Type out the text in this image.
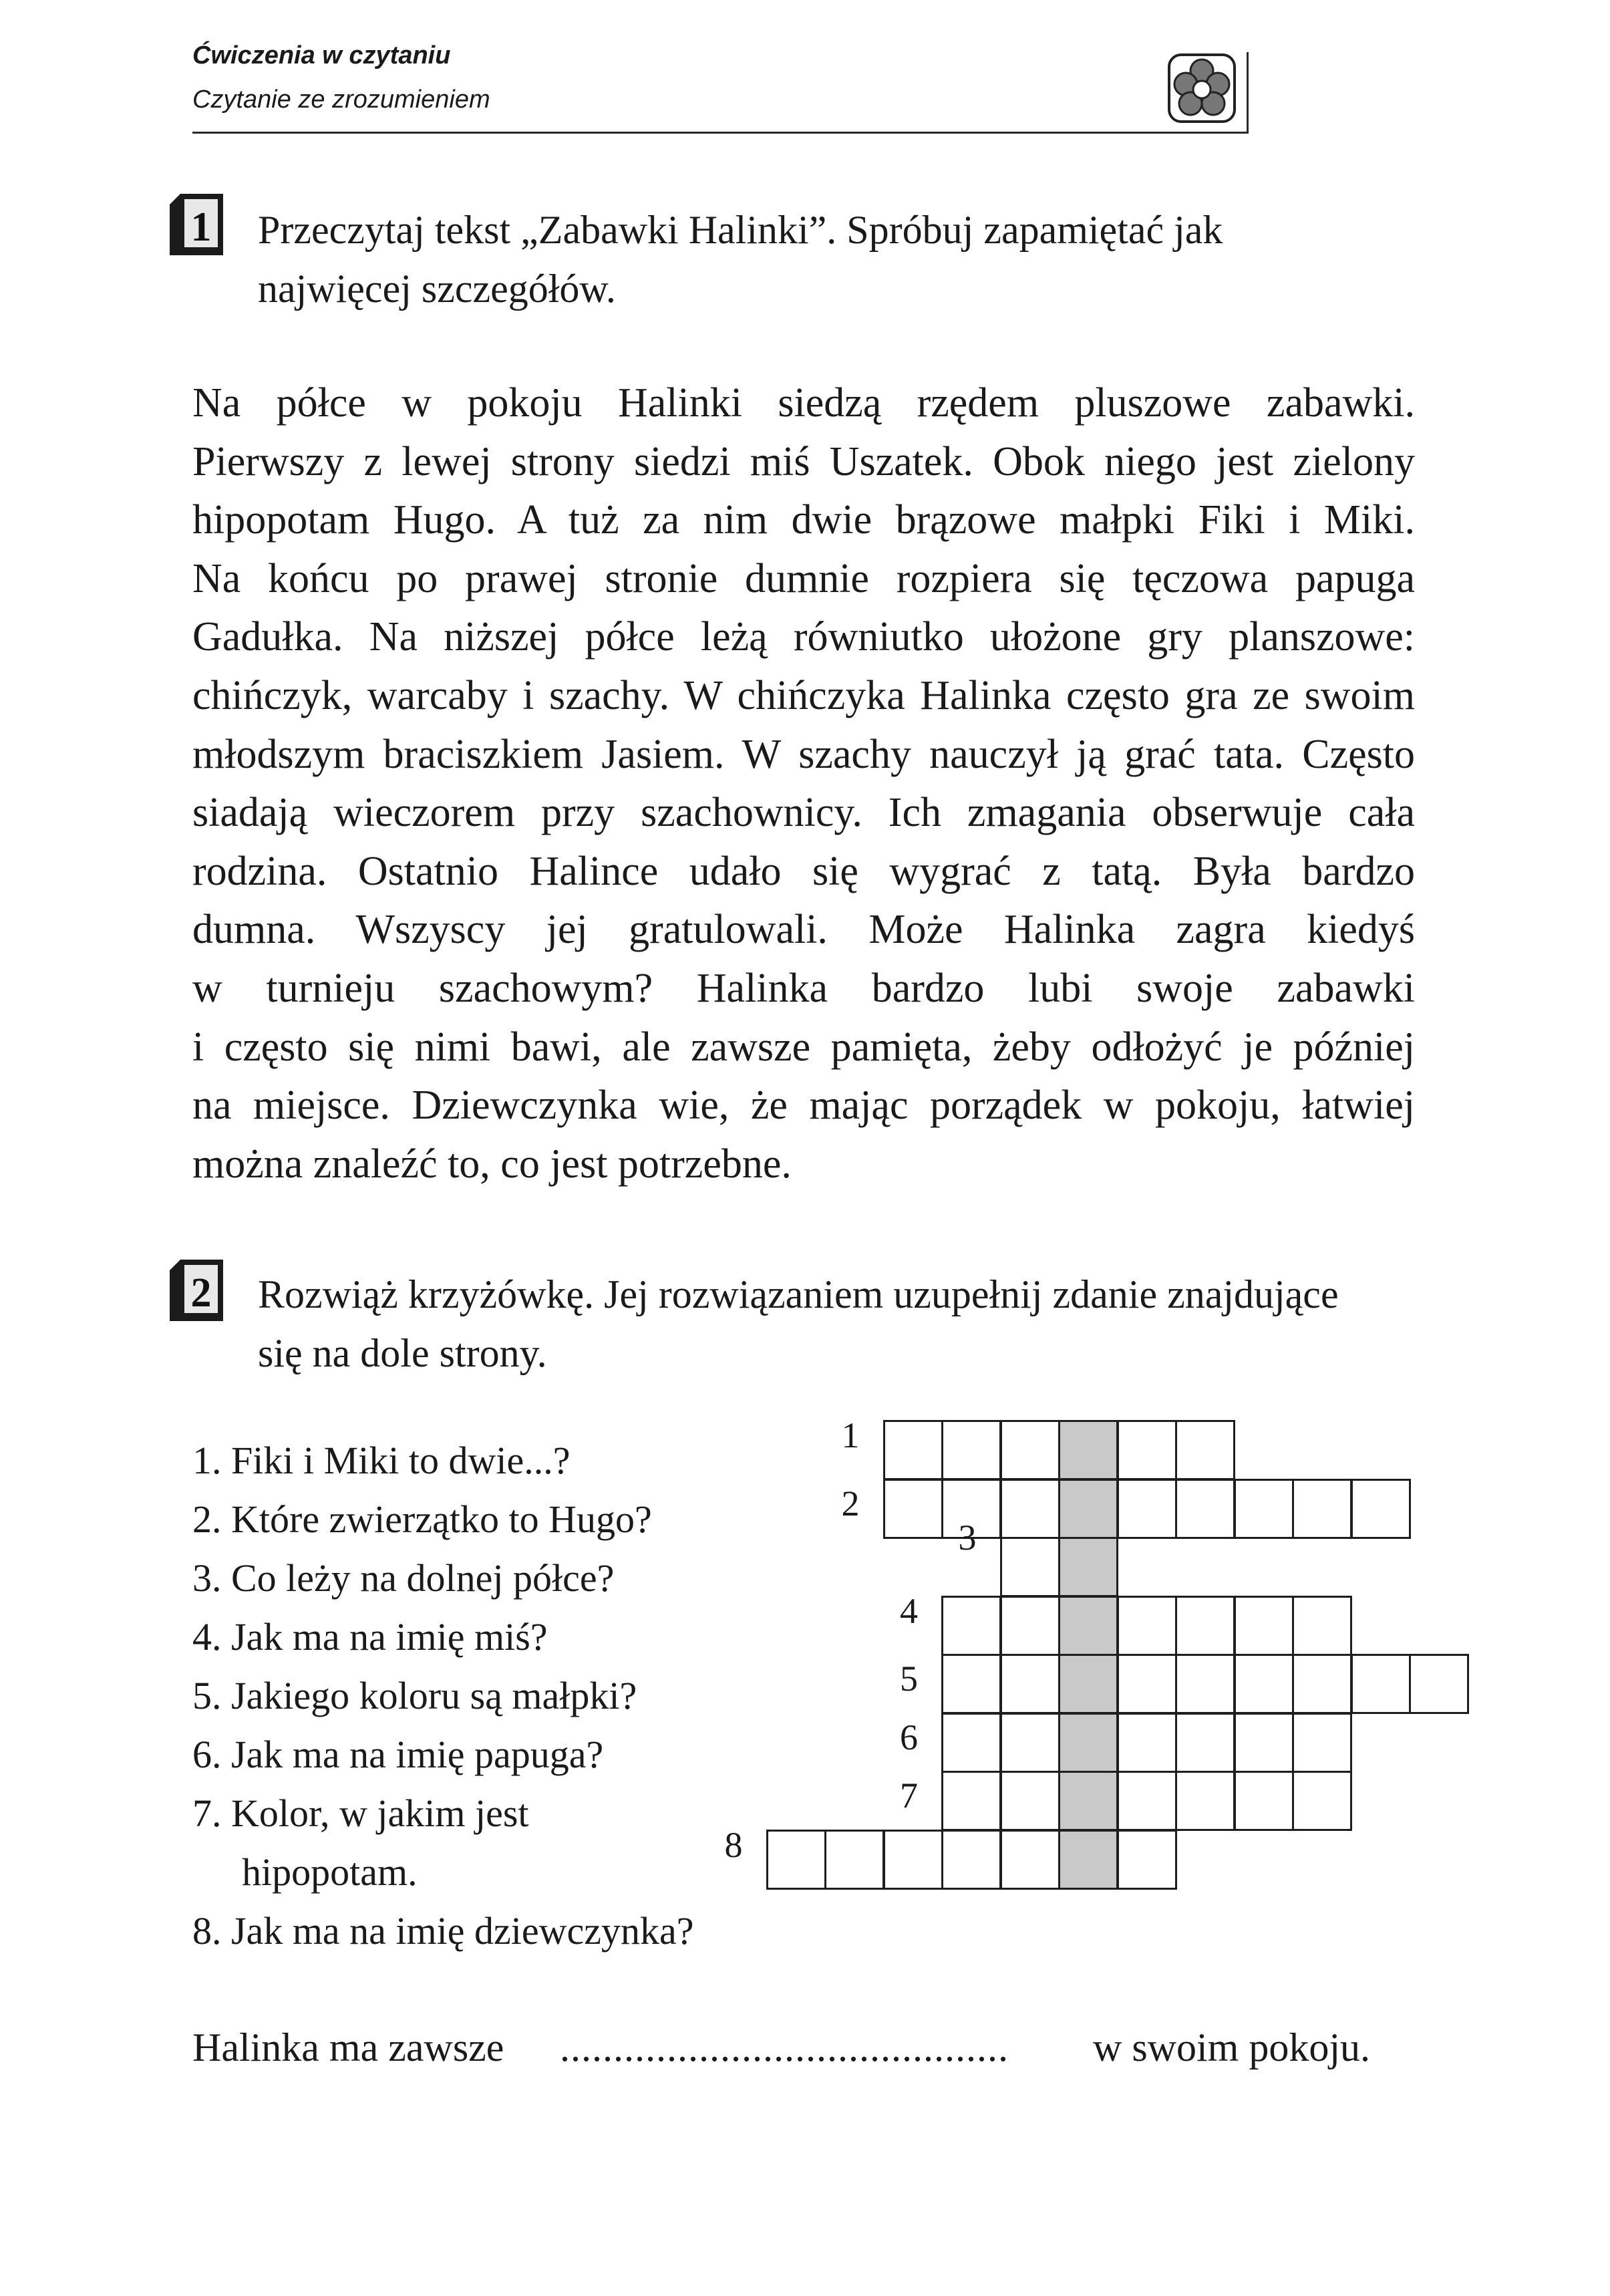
Ćwiczenia w czytaniu
Czytanie ze zrozumieniem
1 Przeczytaj tekst „Zabawki Halinki”. Spróbuj zapamiętać jak
najwięcej szczegółów.
Na półce w pokoju Halinki siedzą rzędem pluszowe zabawki.
Pierwszy z lewej strony siedzi miś Uszatek. Obok niego jest zielony
hipopotam Hugo. A tuż za nim dwie brązowe małpki Fiki i Miki.
Na końcu po prawej stronie dumnie rozpiera się tęczowa papuga
Gadułka. Na niższej półce leżą równiutko ułożone gry planszowe:
chińczyk, warcaby i szachy. W chińczyka Halinka często gra ze swoim
młodszym braciszkiem Jasiem. W szachy nauczył ją grać tata. Często
siadają wieczorem przy szachownicy. Ich zmagania obserwuje cała
rodzina. Ostatnio Halince udało się wygrać z tatą. Była bardzo
dumna. Wszyscy jej gratulowali. Może Halinka zagra kiedyś
w turnieju szachowym? Halinka bardzo lubi swoje zabawki
i często się nimi bawi, ale zawsze pamięta, żeby odłożyć je później
na miejsce. Dziewczynka wie, że mając porządek w pokoju, łatwiej
można znaleźć to, co jest potrzebne.
2 Rozwiąż krzyżówkę. Jej rozwiązaniem uzupełnij zdanie znajdujące
się na dole strony.
1. Fiki i Miki to dwie...?
2. Które zwierzątko to Hugo?
3. Co leży na dolnej półce?
4. Jak ma na imię miś?
5. Jakiego koloru są małpki?
6. Jak ma na imię papuga?
7. Kolor, w jakim jest
hipopotam.
8. Jak ma na imię dziewczynka?
1
2
3
4
5
6
7
8
Halinka ma zawsze .......................................... w swoim pokoju.
